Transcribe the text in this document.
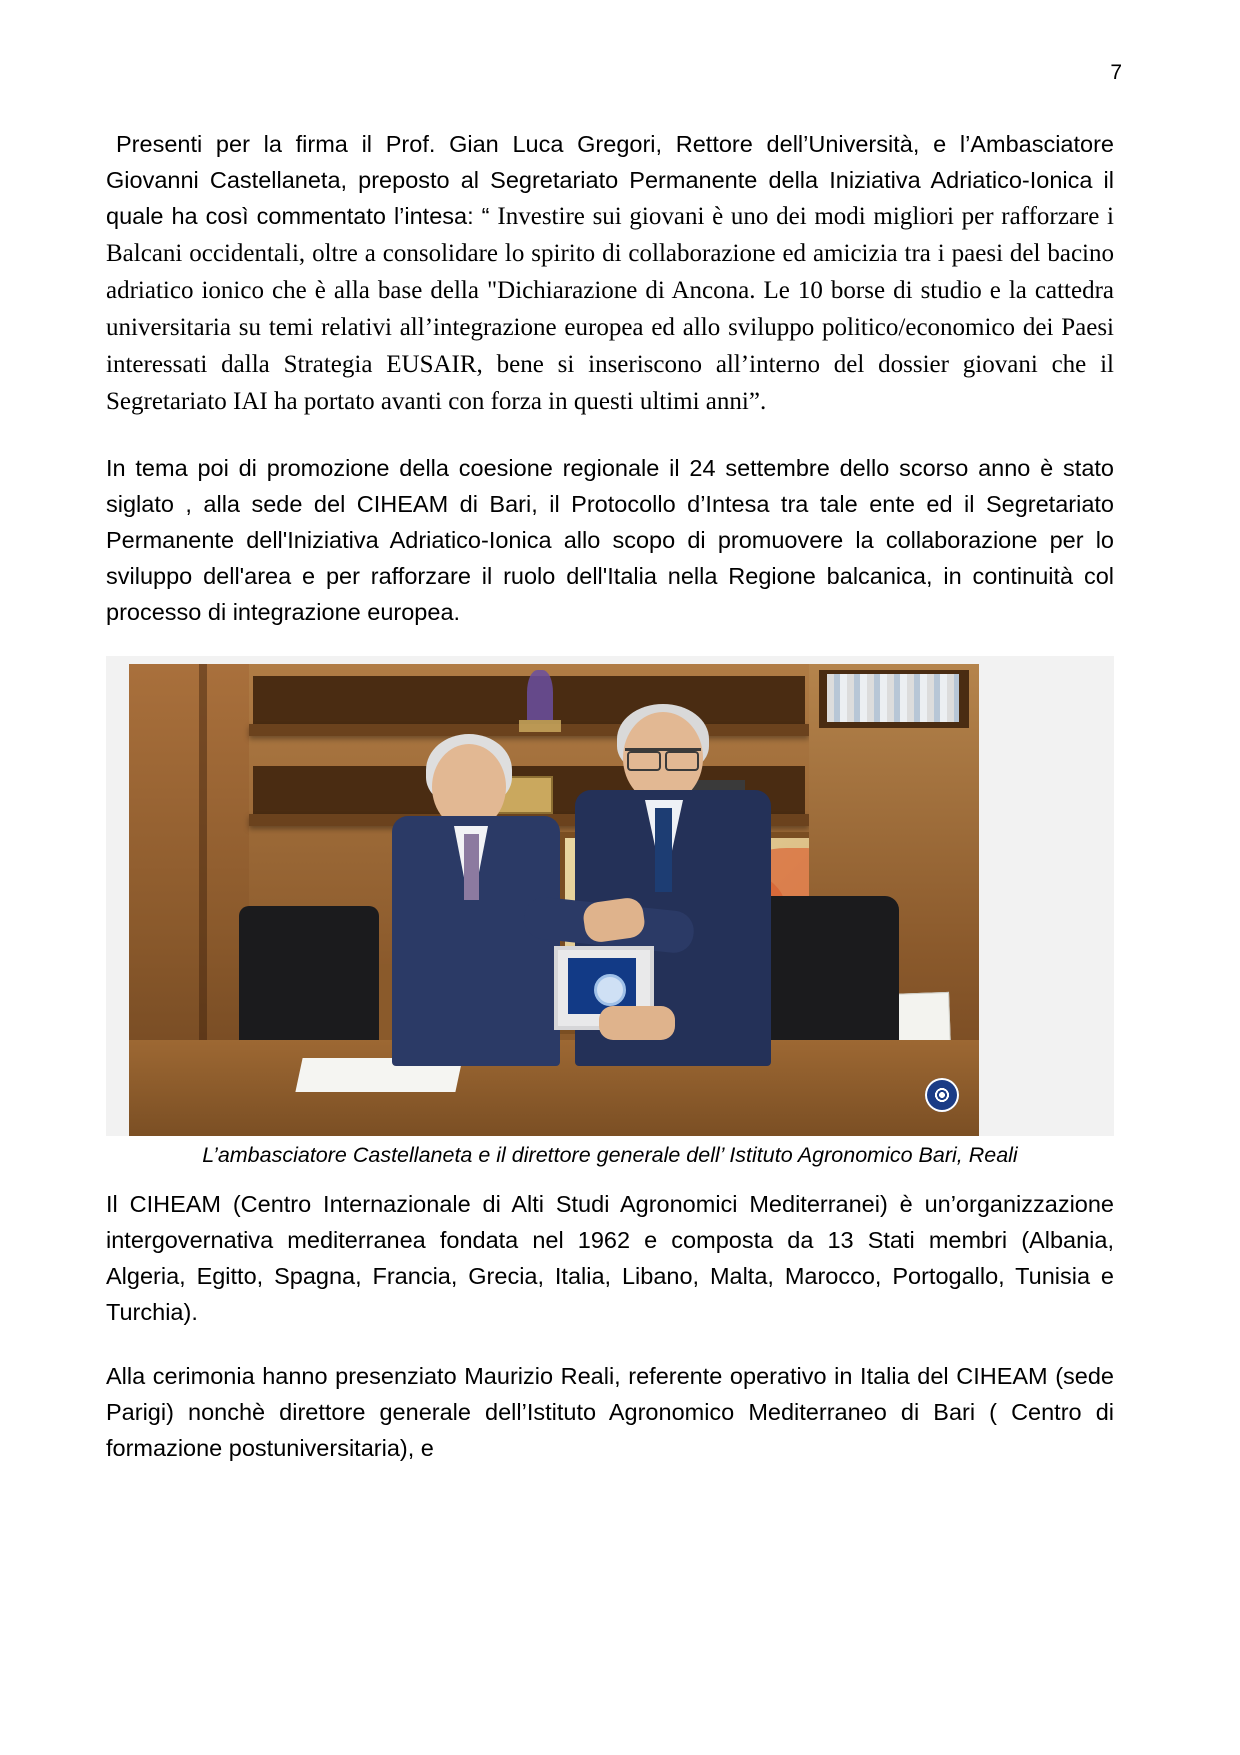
7

Presenti per la firma il Prof. Gian Luca Gregori, Rettore dell’Università, e l’Ambasciatore Giovanni Castellaneta, preposto al Segretariato Permanente della Iniziativa Adriatico-Ionica il quale ha così commentato l’intesa: “ Investire sui giovani è uno dei modi migliori per rafforzare i Balcani occidentali, oltre a consolidare lo spirito di collaborazione ed amicizia tra i paesi del bacino adriatico ionico che è alla base della "Dichiarazione di Ancona. Le 10 borse di studio e la cattedra universitaria su temi relativi all’integrazione europea ed allo sviluppo politico/economico dei Paesi interessati dalla Strategia EUSAIR, bene si inseriscono all’interno del dossier giovani che il Segretariato IAI ha portato avanti con forza in questi ultimi anni”.

In tema poi di promozione della coesione regionale il 24 settembre dello scorso anno è stato siglato , alla sede del CIHEAM di Bari, il Protocollo d’Intesa tra tale ente ed il Segretariato Permanente dell'Iniziativa Adriatico-Ionica allo scopo di promuovere la collaborazione per lo sviluppo dell'area e per rafforzare il ruolo dell'Italia nella Regione balcanica, in continuità col processo di integrazione europea.

L’ambasciatore Castellaneta e il direttore generale dell’ Istituto Agronomico Bari, Reali

Il CIHEAM (Centro Internazionale di Alti Studi Agronomici Mediterranei) è un’organizzazione intergovernativa mediterranea fondata nel 1962 e composta da 13 Stati membri (Albania, Algeria, Egitto, Spagna, Francia, Grecia, Italia, Libano, Malta, Marocco, Portogallo, Tunisia e Turchia).

Alla cerimonia hanno presenziato Maurizio Reali, referente operativo in Italia del CIHEAM (sede Parigi) nonchè direttore generale dell’Istituto Agronomico Mediterraneo di Bari ( Centro di formazione postuniversitaria), e
